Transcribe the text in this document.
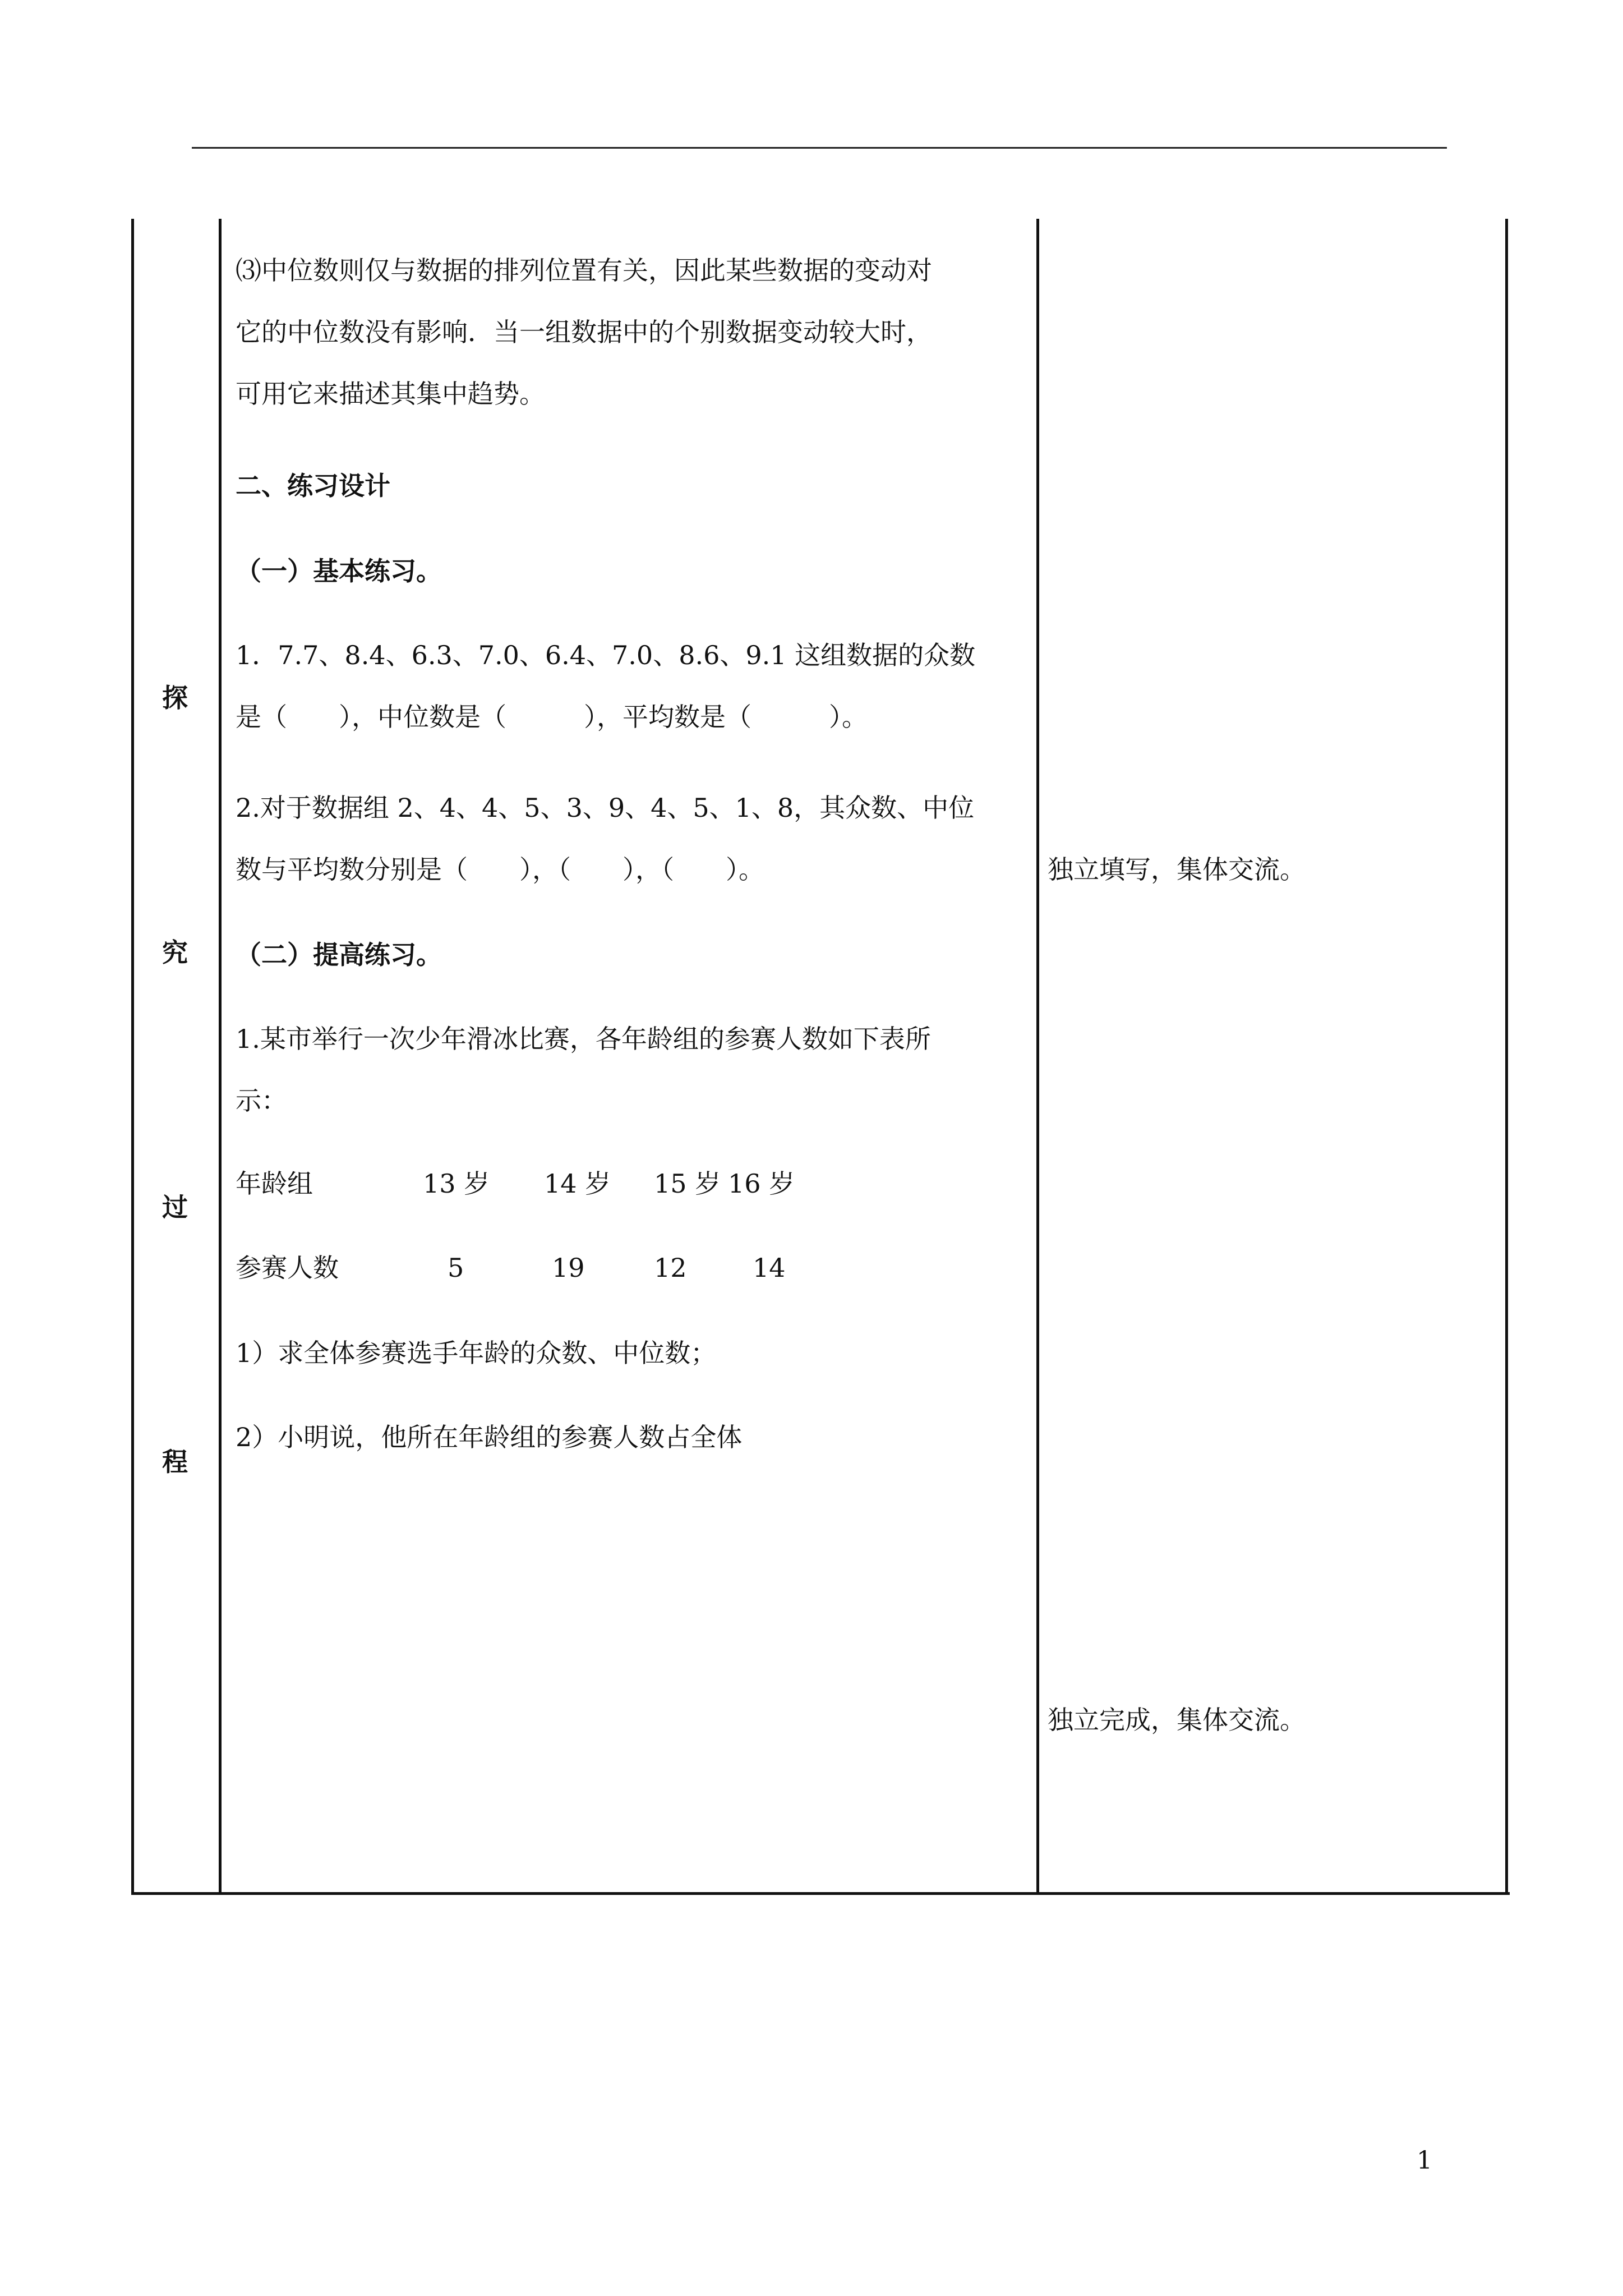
探
究
过
程
⑶中位数则仅与数据的排列位置有关，因此某些数据的变动对
它的中位数没有影响．当一组数据中的个别数据变动较大时，
可用它来描述其集中趋势。
二、练习设计
（一）基本练习。
1．7.7、8.4、6.3、7.0、6.4、7.0、8.6、9.1 这组数据的众数
是（　　），中位数是（　　　），平均数是（　　　）。
2.对于数据组 2、4、4、5、3、9、4、5、1、8，其众数、中位
数与平均数分别是（　　），（　　），（　　）。
（二）提高练习。
1.某市举行一次少年滑冰比赛，各年龄组的参赛人数如下表所
示：
年龄组	13 岁 14 岁 15 岁 16 岁
参赛人数	5	19	12	14
1）求全体参赛选手年龄的众数、中位数；
2）小明说，他所在年龄组的参赛人数占全体
独立填写，集体交流。
独立完成，集体交流。
1
